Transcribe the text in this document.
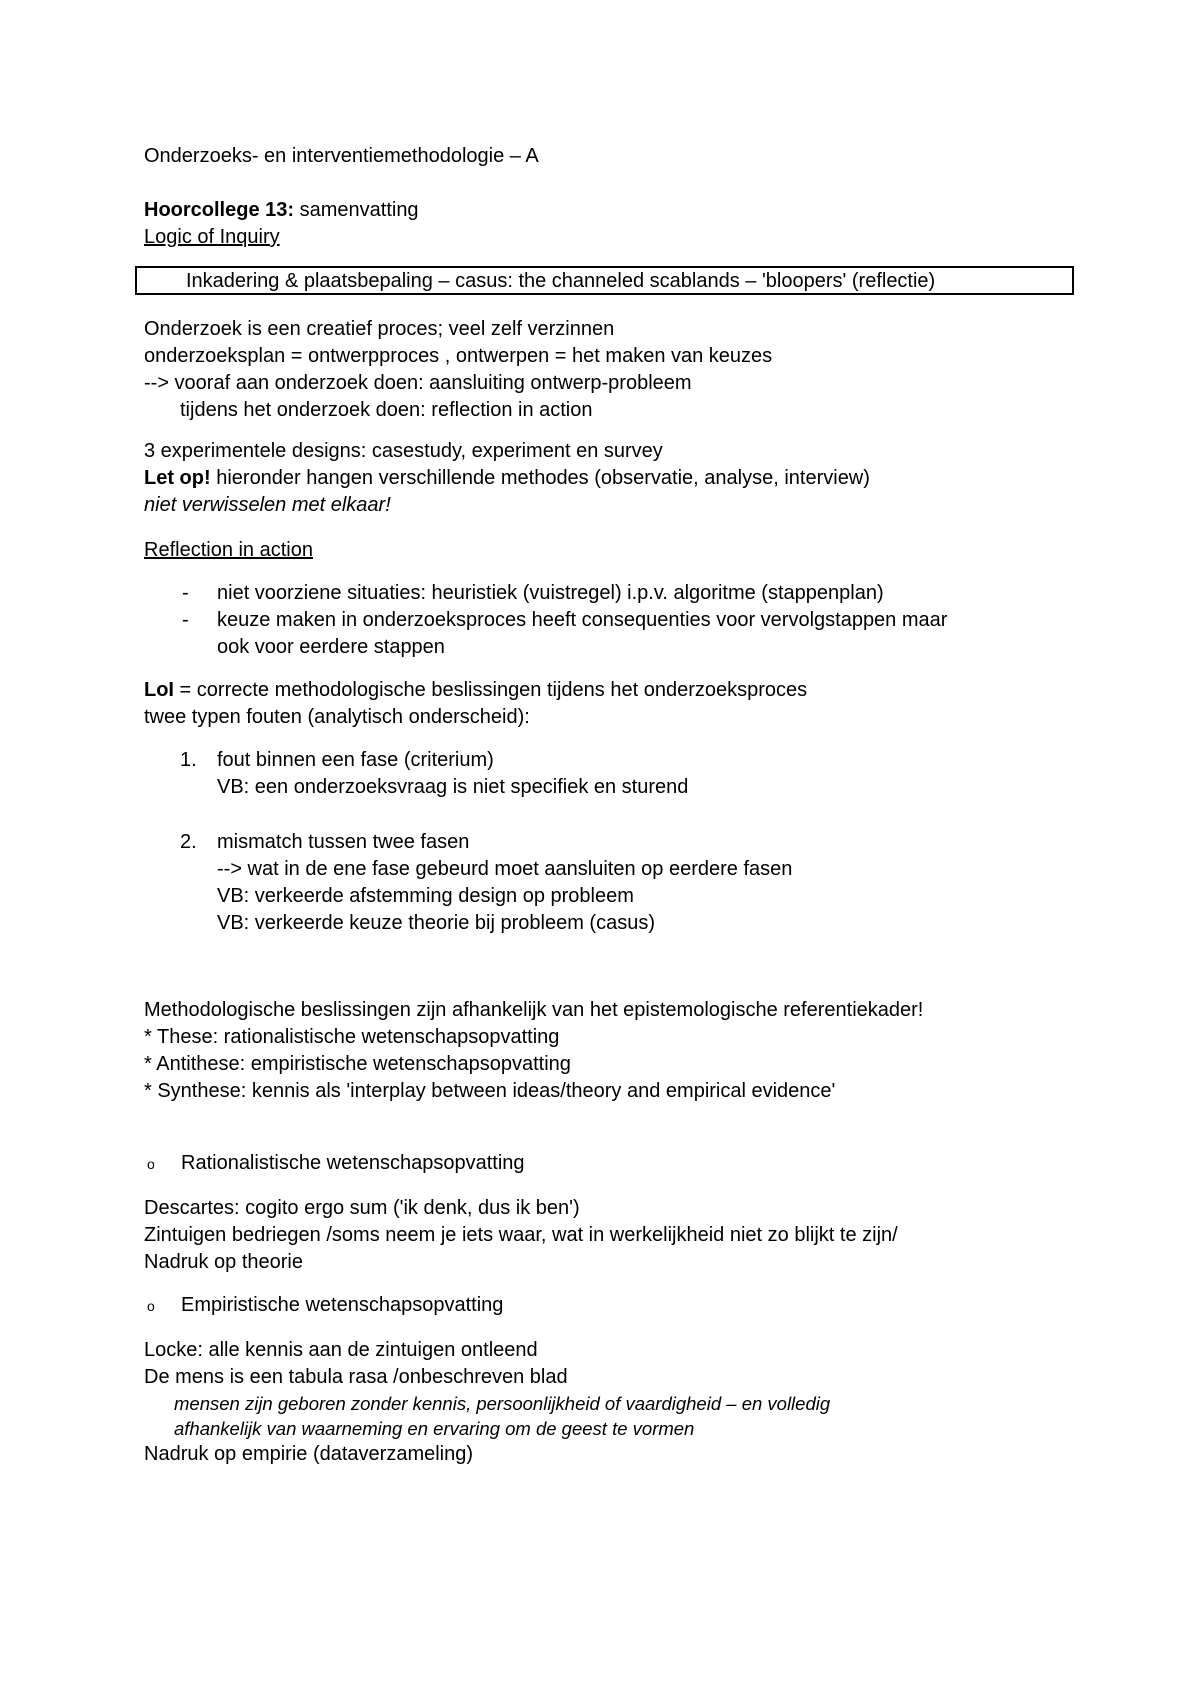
Onderzoeks- en interventiemethodologie – A
Hoorcollege 13: samenvatting
Logic of Inquiry
Inkadering & plaatsbepaling – casus: the channeled scablands – 'bloopers' (reflectie)
Onderzoek is een creatief proces; veel zelf verzinnen
onderzoeksplan = ontwerpproces , ontwerpen = het maken van keuzes
--> vooraf aan onderzoek doen: aansluiting ontwerp-probleem
tijdens het onderzoek doen: reflection in action
3 experimentele designs: casestudy, experiment en survey
Let op! hieronder hangen verschillende methodes (observatie, analyse, interview)
niet verwisselen met elkaar!
Reflection in action
- niet voorziene situaties: heuristiek (vuistregel) i.p.v. algoritme (stappenplan)
- keuze maken in onderzoeksproces heeft consequenties voor vervolgstappen maar
ook voor eerdere stappen
LoI = correcte methodologische beslissingen tijdens het onderzoeksproces
twee typen fouten (analytisch onderscheid):
1. fout binnen een fase (criterium)
VB: een onderzoeksvraag is niet specifiek en sturend
2. mismatch tussen twee fasen
--> wat in de ene fase gebeurd moet aansluiten op eerdere fasen
VB: verkeerde afstemming design op probleem
VB: verkeerde keuze theorie bij probleem (casus)
Methodologische beslissingen zijn afhankelijk van het epistemologische referentiekader!
* These: rationalistische wetenschapsopvatting
* Antithese: empiristische wetenschapsopvatting
* Synthese: kennis als 'interplay between ideas/theory and empirical evidence'
o Rationalistische wetenschapsopvatting
Descartes: cogito ergo sum ('ik denk, dus ik ben')
Zintuigen bedriegen /soms neem je iets waar, wat in werkelijkheid niet zo blijkt te zijn/
Nadruk op theorie
o Empiristische wetenschapsopvatting
Locke: alle kennis aan de zintuigen ontleend
De mens is een tabula rasa /onbeschreven blad
mensen zijn geboren zonder kennis, persoonlijkheid of vaardigheid – en volledig
afhankelijk van waarneming en ervaring om de geest te vormen
Nadruk op empirie (dataverzameling)
